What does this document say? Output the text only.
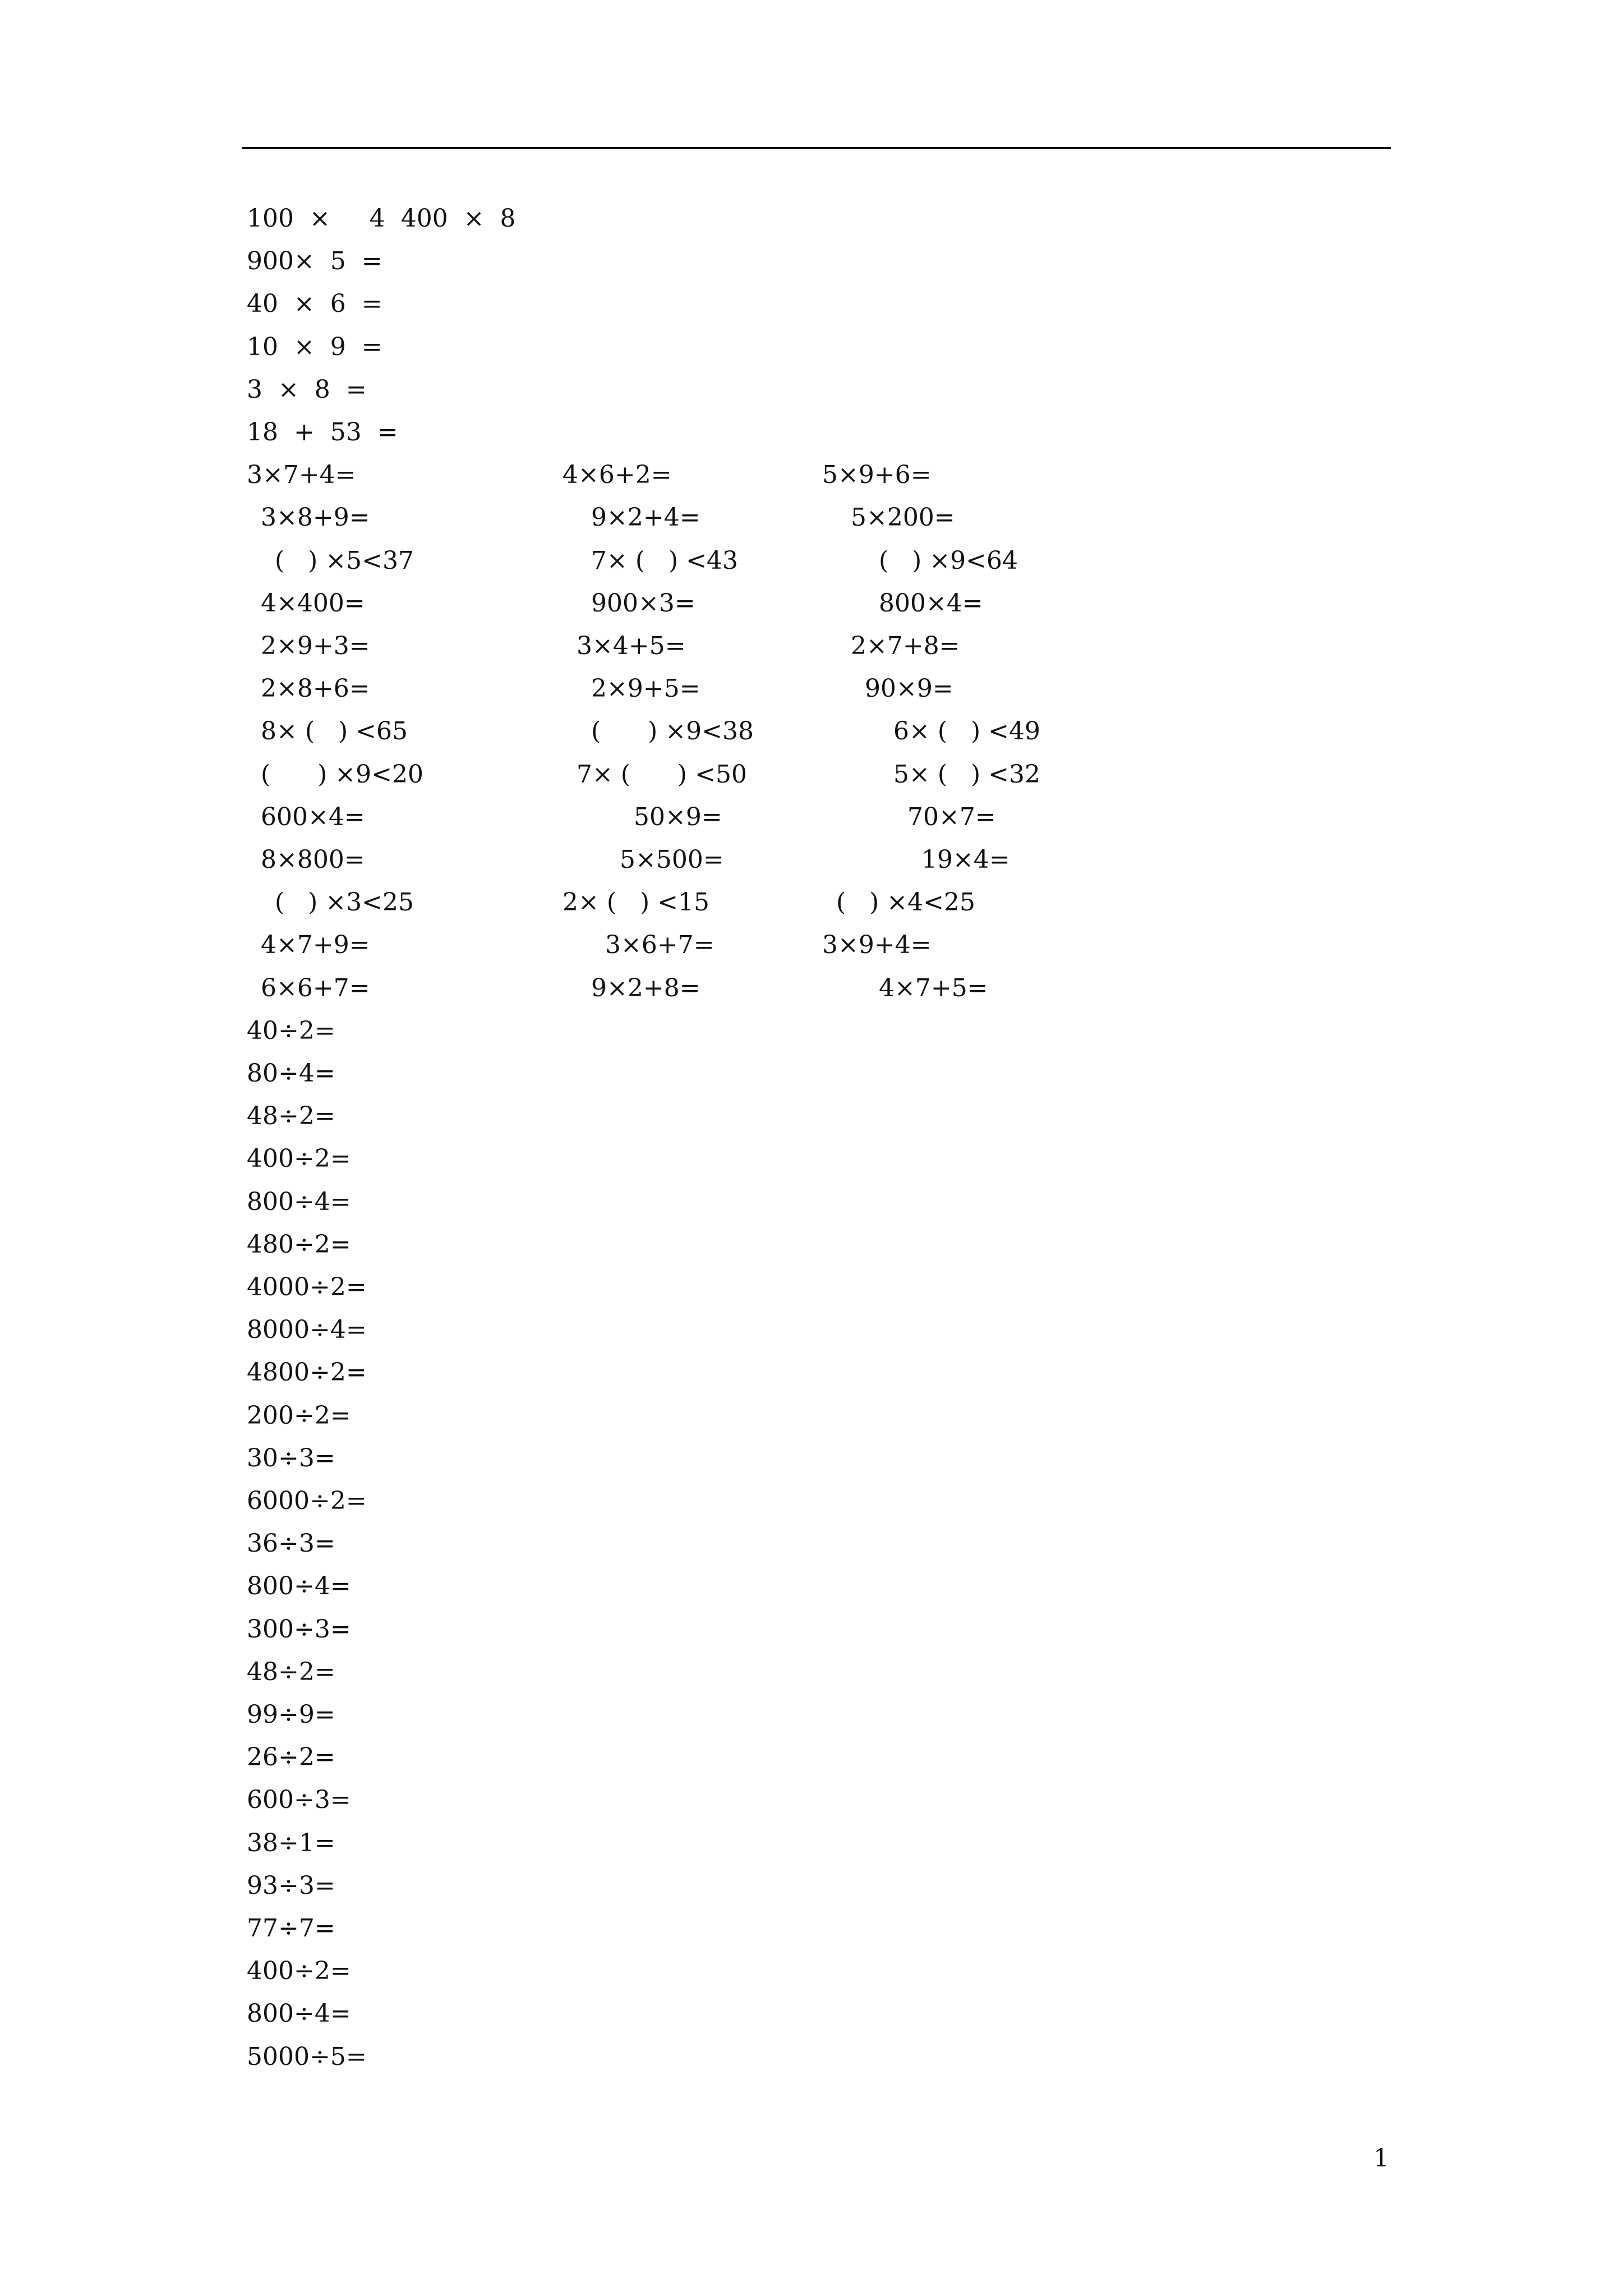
100  ×     4  400  ×  8
900×  5  =
40  ×  6  =
10  ×  9  =
3  ×  8  =
18  +  53  =
3×7+4=	4×6+2=	5×9+6=
3×8+9=	9×2+4=	5×200=
(   ) ×5<37	7× (   ) <43	(   ) ×9<64
4×400=	900×3=	800×4=
2×9+3=	3×4+5=	2×7+8=
2×8+6=	2×9+5=	90×9=
8× (   ) <65	(      ) ×9<38	6× (   ) <49
(      ) ×9<20	7× (      ) <50	5× (   ) <32
600×4=	50×9=	70×7=
8×800=	5×500=	19×4=
(   ) ×3<25	2× (   ) <15	(   ) ×4<25
4×7+9=	3×6+7=	3×9+4=
6×6+7=	9×2+8=	4×7+5=
40÷2=
80÷4=
48÷2=
400÷2=
800÷4=
480÷2=
4000÷2=
8000÷4=
4800÷2=
200÷2=
30÷3=
6000÷2=
36÷3=
800÷4=
300÷3=
48÷2=
99÷9=
26÷2=
600÷3=
38÷1=
93÷3=
77÷7=
400÷2=
800÷4=
5000÷5=
1
